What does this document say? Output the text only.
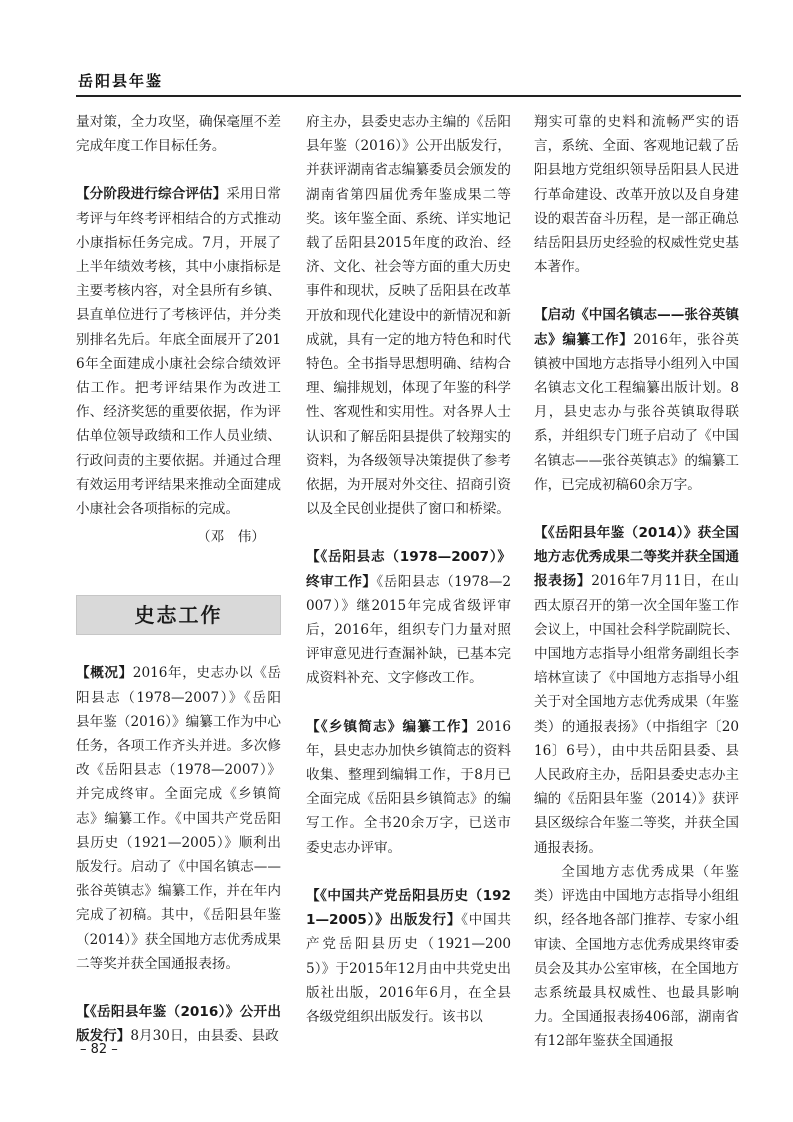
岳阳县年鉴

量对策，全力攻坚，确保毫厘不差完成年度工作目标任务。

【分阶段进行综合评估】采用日常考评与年终考评相结合的方式推动小康指标任务完成。7月，开展了上半年绩效考核，其中小康指标是主要考核内容，对全县所有乡镇、县直单位进行了考核评估，并分类别排名先后。年底全面展开了2016年全面建成小康社会综合绩效评估工作。把考评结果作为改进工作、经济奖惩的重要依据，作为评估单位领导政绩和工作人员业绩、行政问责的主要依据。并通过合理有效运用考评结果来推动全面建成小康社会各项指标的完成。

（邓　伟）

史志工作

【概况】2016年，史志办以《岳阳县志（1978—2007）》《岳阳县年鉴（2016）》编纂工作为中心任务，各项工作齐头并进。多次修改《岳阳县志（1978—2007）》并完成终审。全面完成《乡镇简志》编纂工作。《中国共产党岳阳县历史（1921—2005）》顺利出版发行。启动了《中国名镇志——张谷英镇志》编纂工作，并在年内完成了初稿。其中，《岳阳县年鉴（2014）》获全国地方志优秀成果二等奖并获全国通报表扬。

【《岳阳县年鉴（2016）》公开出版发行】8月30日，由县委、县政

府主办，县委史志办主编的《岳阳县年鉴（2016）》公开出版发行，并获评湖南省志编纂委员会颁发的湖南省第四届优秀年鉴成果二等奖。该年鉴全面、系统、详实地记载了岳阳县2015年度的政治、经济、文化、社会等方面的重大历史事件和现状，反映了岳阳县在改革开放和现代化建设中的新情况和新成就，具有一定的地方特色和时代特色。全书指导思想明确、结构合理、编排规划，体现了年鉴的科学性、客观性和实用性。对各界人士认识和了解岳阳县提供了较翔实的资料，为各级领导决策提供了参考依据，为开展对外交往、招商引资以及全民创业提供了窗口和桥梁。

【《岳阳县志（1978—2007）》终审工作】《岳阳县志（1978—2007）》继2015年完成省级评审后，2016年，组织专门力量对照评审意见进行查漏补缺，已基本完成资料补充、文字修改工作。

【《乡镇简志》编纂工作】2016年，县史志办加快乡镇简志的资料收集、整理到编辑工作，于8月已全面完成《岳阳县乡镇简志》的编写工作。全书20余万字，已送市委史志办评审。

【《中国共产党岳阳县历史（1921—2005）》出版发行】《中国共产党岳阳县历史（1921—2005）》于2015年12月由中共党史出版社出版，2016年6月，在全县各级党组织出版发行。该书以

翔实可靠的史料和流畅严实的语言，系统、全面、客观地记载了岳阳县地方党组织领导岳阳县人民进行革命建设、改革开放以及自身建设的艰苦奋斗历程，是一部正确总结岳阳县历史经验的权威性党史基本著作。

【启动《中国名镇志——张谷英镇志》编纂工作】2016年，张谷英镇被中国地方志指导小组列入中国名镇志文化工程编纂出版计划。8月，县史志办与张谷英镇取得联系，并组织专门班子启动了《中国名镇志——张谷英镇志》的编纂工作，已完成初稿60余万字。

【《岳阳县年鉴（2014）》获全国地方志优秀成果二等奖并获全国通报表扬】2016年7月11日，在山西太原召开的第一次全国年鉴工作会议上，中国社会科学院副院长、中国地方志指导小组常务副组长李培林宣读了《中国地方志指导小组关于对全国地方志优秀成果（年鉴类）的通报表扬》（中指组字〔2016〕6号），由中共岳阳县委、县人民政府主办，岳阳县委史志办主编的《岳阳县年鉴（2014）》获评县区级综合年鉴二等奖，并获全国通报表扬。

全国地方志优秀成果（年鉴类）评选由中国地方志指导小组组织，经各地各部门推荐、专家小组审读、全国地方志优秀成果终审委员会及其办公室审核，在全国地方志系统最具权威性、也最具影响力。全国通报表扬406部，湖南省有12部年鉴获全国通报

– 82 –
